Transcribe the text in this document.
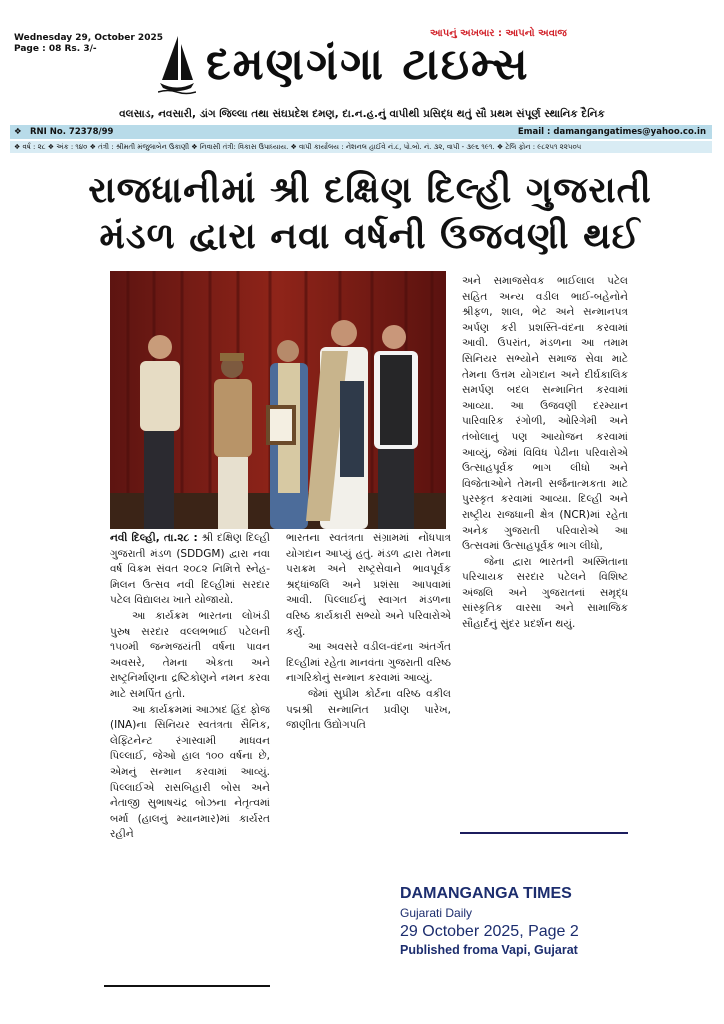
Wednesday 29, October 2025
Page : 08 Rs. 3/-
આપનું અખબાર : આપનો અવાજ
દમણગંગા ટાઇમ્સ
વલસાડ, નવસારી, ડાંગ જિલ્લા તથા સંઘપ્રદેશ દમણ, દા.ન.હ.નું વાપીથી પ્રસિદ્ધ થતું સૌ પ્રથમ સંપૂર્ણ સ્થાનિક દૈનિક
❖ RNI No. 72378/99	Email : damangangatimes@yahoo.co.in
❖ વર્ષ : ૨૮ ❖ અંક : ૧૪૦ ❖ તંત્રી : શ્રીમતી મંજુલાબેન ઉકાણી ❖ નિવાસી તંત્રી: વિકાસ ઉપાધ્યાય. ❖ વાપી કાર્યાલય : નેશનલ હાઈવે નં.૮, પો.બો. નં. ૩૨, વાપી - ૩૯૬ ૧૯૧. ❖ ટેલિ ફોન : ૯૮૨૫૧ ૨૨૫૦૫
રાજધાનીમાં શ્રી દક્ષિણ દિલ્હી ગુજરાતી
મંડળ દ્વારા નવા વર્ષની ઉજવણી થઈ

નવી દિલ્હી, તા.૨૮ : શ્રી દક્ષિણ દિલ્હી ગુજરાતી મંડળ (SDDGM) દ્વારા નવા વર્ષ વિક્રમ સંવત ૨૦૮૨ નિમિત્તે સ્નેહ-મિલન ઉત્સવ નવી દિલ્હીમાં સરદાર પટેલ વિદ્યાલય ખાતે યોજાયો.

આ કાર્યક્રમ ભારતના લોખંડી પુરુષ સરદાર વલ્લભભાઈ પટેલની ૧૫૦મી જન્મજયંતી વર્ષના પાવન અવસરે, તેમના એકતા અને રાષ્ટ્રનિર્માણના દ્રષ્ટિકોણને નમન કરવા માટે સમર્પિત હતો.

આ કાર્યક્રમમાં આઝાદ હિંદ ફોજ (INA)ના સિનિયર સ્વતંત્રતા સૈનિક, લેફ્ટિનેન્ટ રંગાસ્વામી માધવન પિલ્લાઈ, જેઓ હાલ ૧૦૦ વર્ષના છે, એમનું સન્માન કરવામાં આવ્યું. પિલ્લાઈએ રાસબિહારી બોસ અને નેતાજી સુભાષચંદ્ર બોઝના નેતૃત્વમાં બર્મા (હાલનું મ્યાનમાર)માં કાર્યરત રહીને

ભારતના સ્વતંત્રતા સંગ્રામમાં નોંધપાત્ર યોગદાન આપ્યું હતું. મંડળ દ્વારા તેમના પરાક્રમ અને રાષ્ટ્રસેવાને ભાવપૂર્વક શ્રદ્ધાંજલિ અને પ્રશંસા આપવામાં આવી. પિલ્લાઈનું સ્વાગત મંડળના વરિષ્ઠ કાર્યકારી સભ્યો અને પરિવારોએ કર્યું.

આ અવસરે વડીલ-વંદના અંતર્ગત દિલ્હીમાં રહેતા માનવંતા ગુજરાતી વરિષ્ઠ નાગરિકોનું સન્માન કરવામાં આવ્યું.

જેમાં સુપ્રીમ કોર્ટના વરિષ્ઠ વકીલ પદ્મશ્રી સન્માનિત પ્રવીણ પારેખ, જાણીતા ઉદ્યોગપતિ

અને સમાજસેવક ભાઈલાલ પટેલ સહિત અન્ય વડીલ ભાઈ-બહેનોને શ્રીફળ, શાલ, ભેટ અને સન્માનપત્ર અર્પણ કરી પ્રશસ્તિ-વંદના કરવામાં આવી. ઉપરાંત, મંડળના આ તમામ સિનિયર સભ્યોને સમાજ સેવા માટે તેમના ઉત્તમ યોગદાન અને દીર્ઘકાલિક સમર્પણ બદલ સન્માનિત કરવામાં આવ્યા. આ ઉજવણી દરમ્યાન પારિવારિક રંગોળી, ઓરિગેમી અને તંબોલાનું પણ આયોજન કરવામાં આવ્યું, જેમાં વિવિધ પેઢીના પરિવારોએ ઉત્સાહપૂર્વક ભાગ લીધો અને વિજેતાઓને તેમની સર્જનાત્મકતા માટે પુરસ્કૃત કરવામાં આવ્યા. દિલ્હી અને રાષ્ટ્રીય રાજધાની ક્ષેત્ર (NCR)માં રહેતા અનેક ગુજરાતી પરિવારોએ આ ઉત્સવમાં ઉત્સાહપૂર્વક ભાગ લીધો,

જેના દ્વારા ભારતની અસ્મિતાના પરિચાયક સરદાર પટેલને વિશિષ્ટ અંજલિ અને ગુજરાતનાં સમૃદ્ધ સાંસ્કૃતિક વારસા અને સામાજિક સૌહાર્દનું સુંદર પ્રદર્શન થયું.

DAMANGANGA TIMES
Gujarati Daily
29 October 2025, Page 2
Published froma Vapi, Gujarat
